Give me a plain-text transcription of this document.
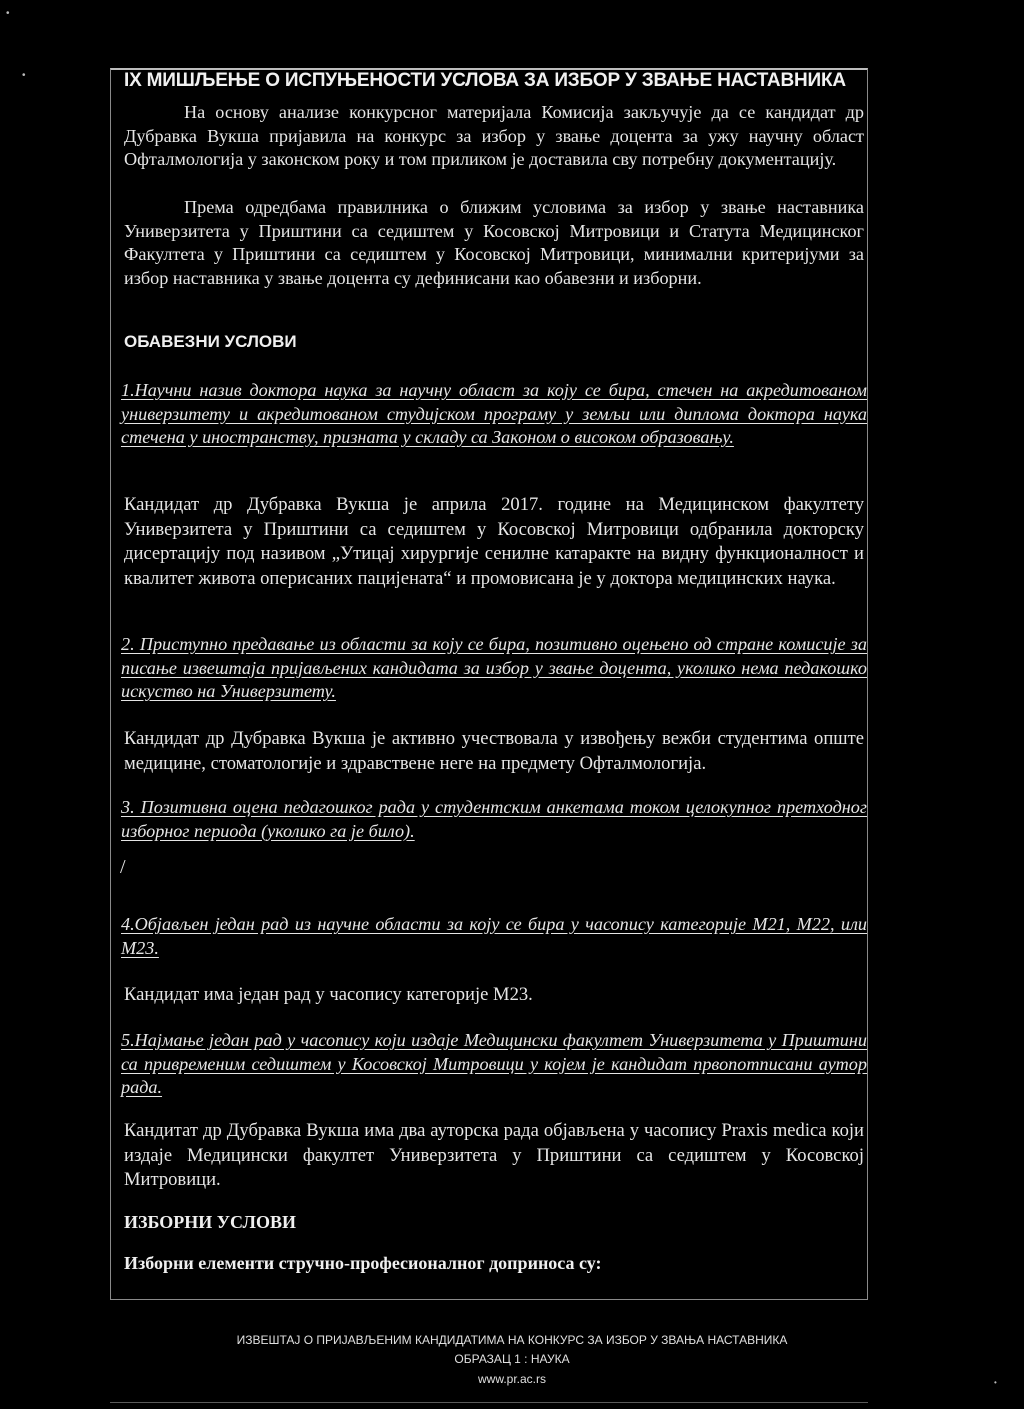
•
•
•
IX МИШЉЕЊЕ О ИСПУЊЕНОСТИ УСЛОВА ЗА ИЗБОР У ЗВАЊЕ НАСТАВНИКА

На основу анализе конкурсног материјала Комисија закључује да се кандидат др Дубравка Вукша пријавила на конкурс за избор у звање доцента за ужу научну област Офталмологија у законском року и том приликом је доставила сву потребну документацију.

Према одредбама правилника о ближим условима за избор у звање наставника Универзитета у Приштини са седиштем у Косовској Митровици и Статута Медицинског Факултета у Приштини са седиштем у Косовској Митровици, минимални критеријуми за избор наставника у звање доцента су дефинисани као обавезни и изборни.

ОБАВЕЗНИ УСЛОВИ

1.Научни назив доктора наука за научну област за коју се бира, стечен на акредитованом универзитету и акредитованом студијском програму у земљи или диплома доктора наука стечена у иностранству, призната у складу са Законом о високом образовању.

Кандидат др Дубравка Вукша је априла 2017. године на Медицинском факултету Универзитета у Приштини са седиштем у Косовској Митровици одбранила докторску дисертацију под називом „Утицај хирургије сенилне катаракте на видну функционалност и квалитет живота оперисаних пацијената“ и промовисана је у доктора медицинских наука.

2. Приступно предавање из области за коју се бира, позитивно оцењено од стране комисије за писање извештаја пријављених кандидата за избор у звање доцента, уколико нема педакошко искуство на Универзитету.

Кандидат др Дубравка Вукша је активно учествовала у извођењу вежби студентима опште медицине, стоматологије и здравствене неге на предмету Офталмологија.

3. Позитивна оцена педагошког рада у студентским анкетама током целокупног претходног изборног периода (уколико га је било).

/

4.Објављен један рад из научне области за коју се бира у часопису категорије М21, М22, или М23.

Кандидат има један рад у часопису категорије М23.

5.Најмање један рад у часопису који издаје Медицински факултет Универзитета у Приштини са привременим седиштем у Косовској Митровици у којем је кандидат првопотписани аутор рада.

Кандитат др Дубравка Вукша има два ауторска рада објављена у часопису Praxis medica који издаје Медицински факултет Универзитета у Приштини са седиштем у Косовској Митровици.

ИЗБОРНИ УСЛОВИ
Изборни елементи стручно-професионалног доприноса су:
ИЗВЕШТАЈ О ПРИЈАВЉЕНИМ КАНДИДАТИМА НА КОНКУРС ЗА ИЗБОР У ЗВАЊА НАСТАВНИКА
ОБРАЗАЦ 1 : НАУКА
www.pr.ac.rs
